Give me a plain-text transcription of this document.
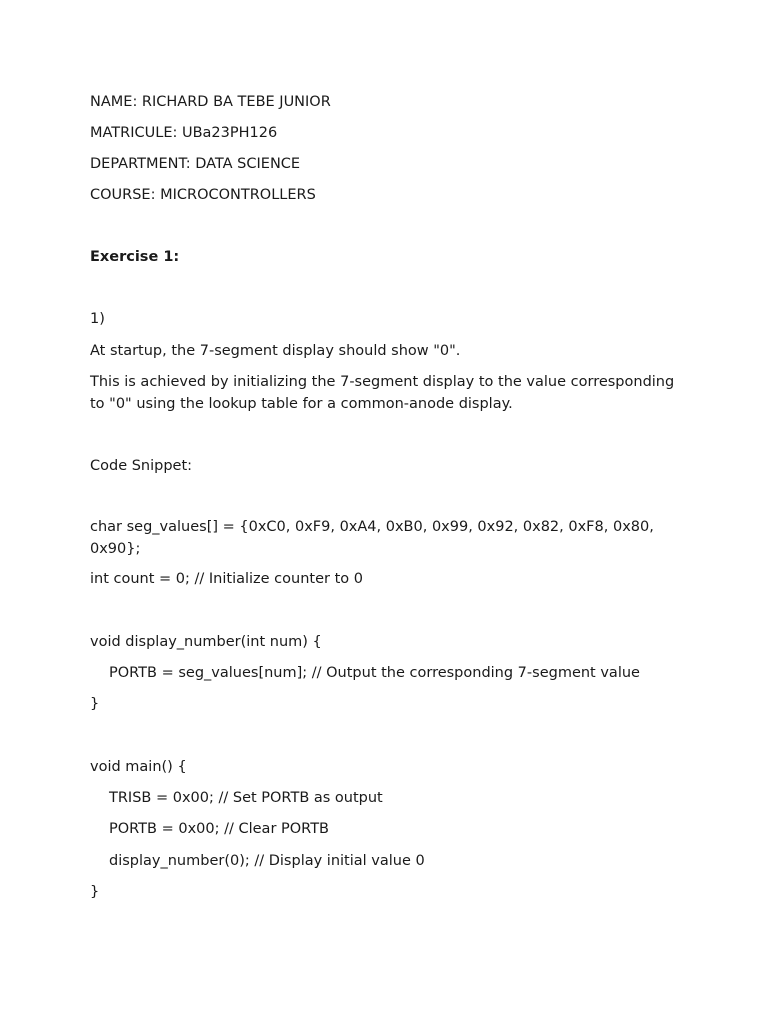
NAME: RICHARD BA TEBE JUNIOR
MATRICULE: UBa23PH126
DEPARTMENT: DATA SCIENCE
COURSE: MICROCONTROLLERS
Exercise 1:
1)
At startup, the 7-segment display should show "0".
This is achieved by initializing the 7-segment display to the value corresponding to "0" using the lookup table for a common-anode display.
Code Snippet:
char seg_values[] = {0xC0, 0xF9, 0xA4, 0xB0, 0x99, 0x92, 0x82, 0xF8, 0x80, 0x90};
int count = 0; // Initialize counter to 0
void display_number(int num) {
PORTB = seg_values[num]; // Output the corresponding 7-segment value
}
void main() {
TRISB = 0x00; // Set PORTB as output
PORTB = 0x00; // Clear PORTB
display_number(0); // Display initial value 0
}
